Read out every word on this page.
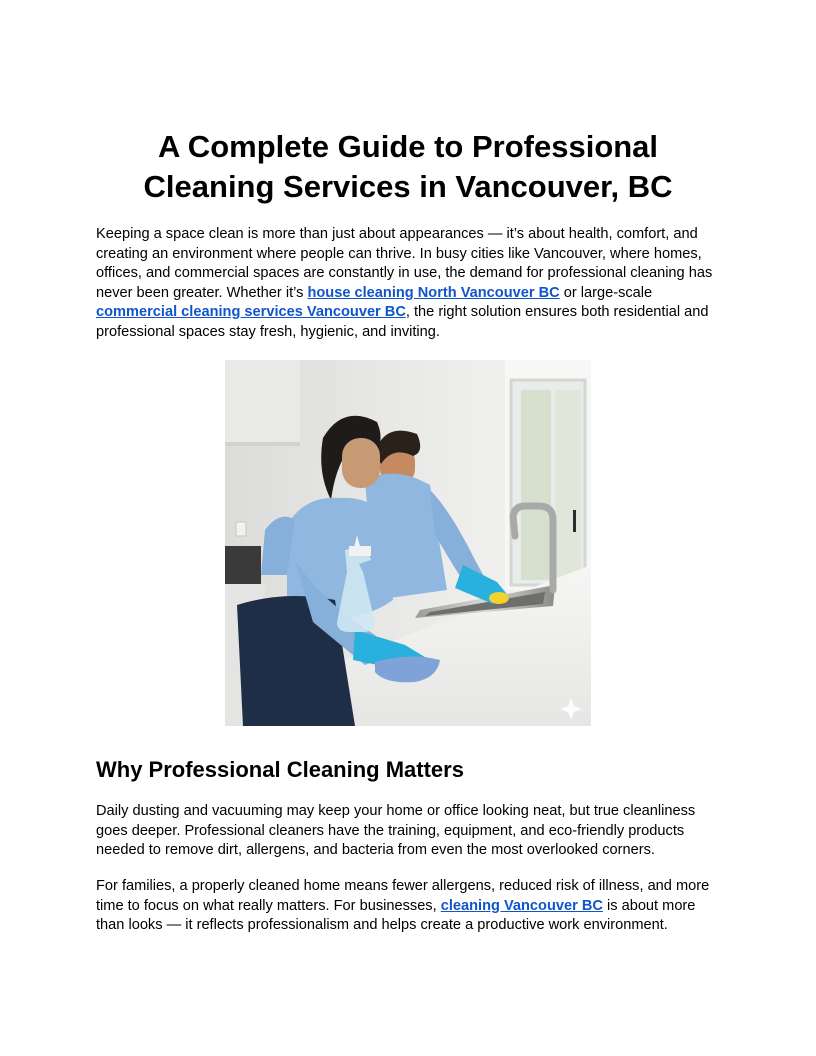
A Complete Guide to Professional Cleaning Services in Vancouver, BC

Keeping a space clean is more than just about appearances — it’s about health, comfort, and creating an environment where people can thrive. In busy cities like Vancouver, where homes, offices, and commercial spaces are constantly in use, the demand for professional cleaning has never been greater. Whether it’s house cleaning North Vancouver BC or large-scale commercial cleaning services Vancouver BC, the right solution ensures both residential and professional spaces stay fresh, hygienic, and inviting.

Why Professional Cleaning Matters

Daily dusting and vacuuming may keep your home or office looking neat, but true cleanliness goes deeper. Professional cleaners have the training, equipment, and eco-friendly products needed to remove dirt, allergens, and bacteria from even the most overlooked corners.

For families, a properly cleaned home means fewer allergens, reduced risk of illness, and more time to focus on what really matters. For businesses, cleaning Vancouver BC is about more than looks — it reflects professionalism and helps create a productive work environment.
